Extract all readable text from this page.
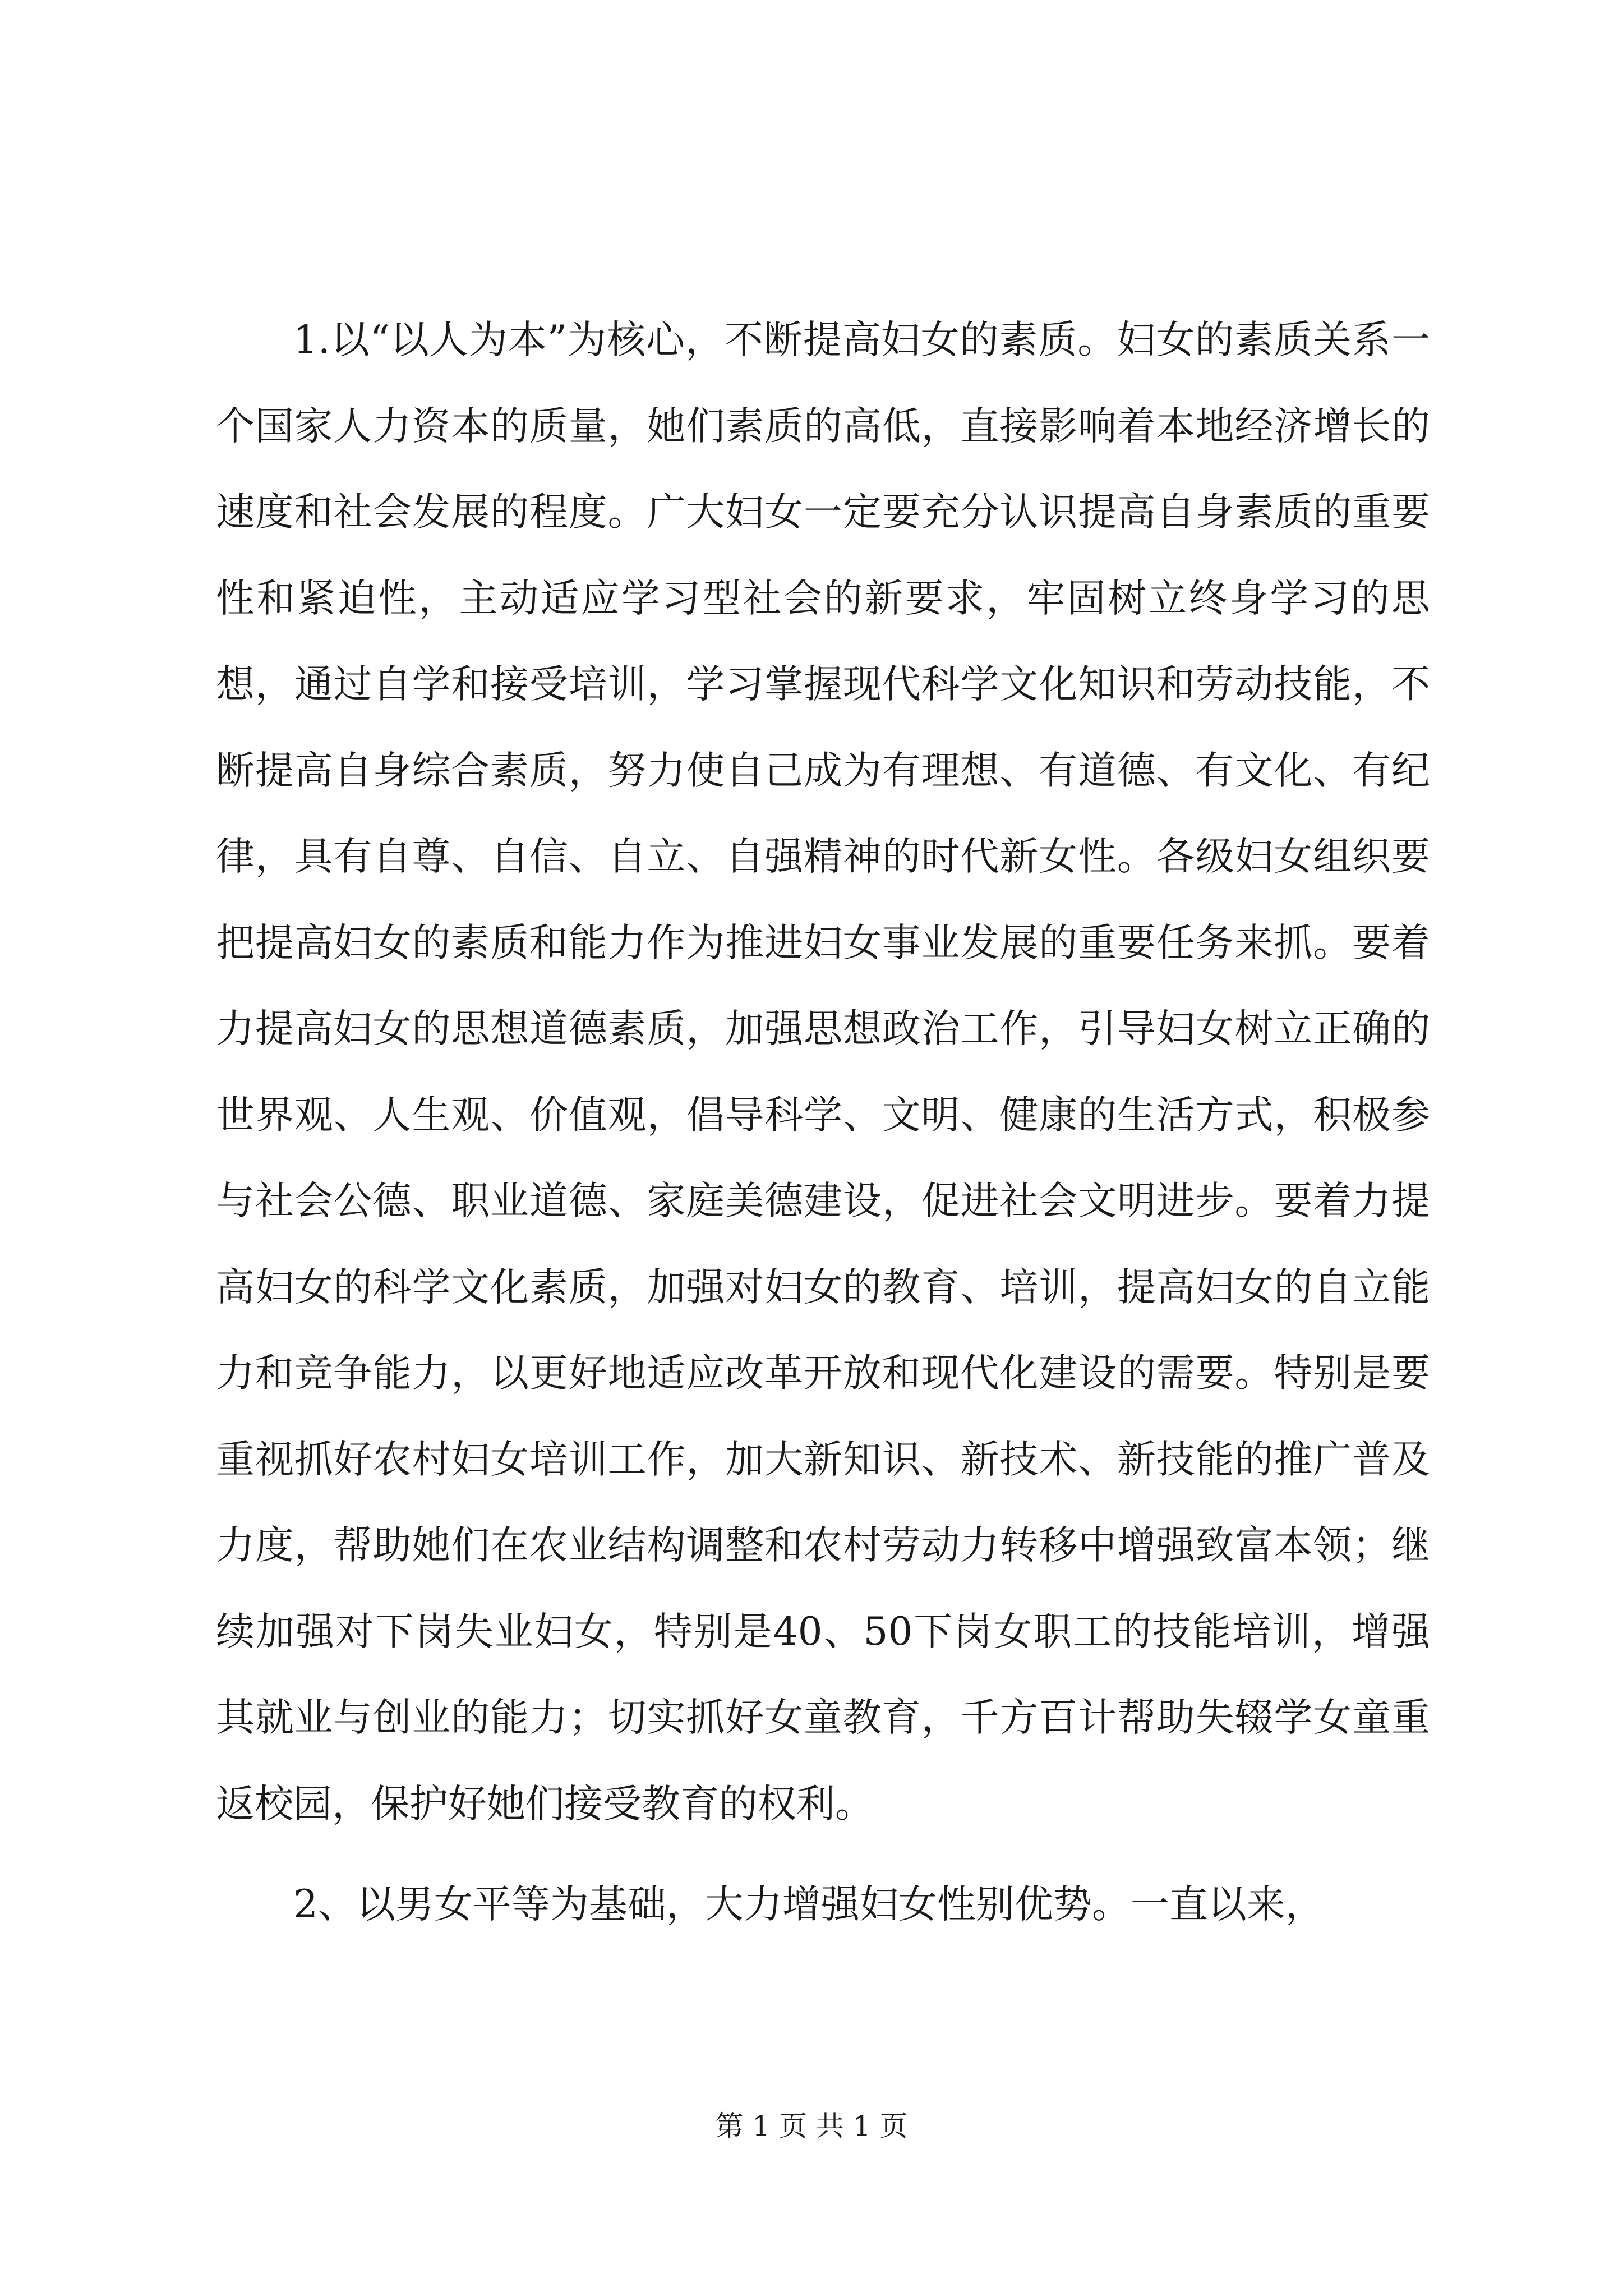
1.以“以人为本”为核心，不断提高妇女的素质。妇女的素质关系一个国家人力资本的质量，她们素质的高低，直接影响着本地经济增长的速度和社会发展的程度。广大妇女一定要充分认识提高自身素质的重要性和紧迫性，主动适应学习型社会的新要求，牢固树立终身学习的思想，通过自学和接受培训，学习掌握现代科学文化知识和劳动技能，不断提高自身综合素质，努力使自己成为有理想、有道德、有文化、有纪律，具有自尊、自信、自立、自强精神的时代新女性。各级妇女组织要把提高妇女的素质和能力作为推进妇女事业发展的重要任务来抓。要着力提高妇女的思想道德素质，加强思想政治工作，引导妇女树立正确的世界观、人生观、价值观，倡导科学、文明、健康的生活方式，积极参与社会公德、职业道德、家庭美德建设，促进社会文明进步。要着力提高妇女的科学文化素质，加强对妇女的教育、培训，提高妇女的自立能力和竞争能力，以更好地适应改革开放和现代化建设的需要。特别是要重视抓好农村妇女培训工作，加大新知识、新技术、新技能的推广普及力度，帮助她们在农业结构调整和农村劳动力转移中增强致富本领；继续加强对下岗失业妇女，特别是40、50下岗女职工的技能培训，增强其就业与创业的能力；切实抓好女童教育，千方百计帮助失辍学女童重返校园，保护好她们接受教育的权利。

2、以男女平等为基础，大力增强妇女性别优势。一直以来，

第 1 页 共 1 页
